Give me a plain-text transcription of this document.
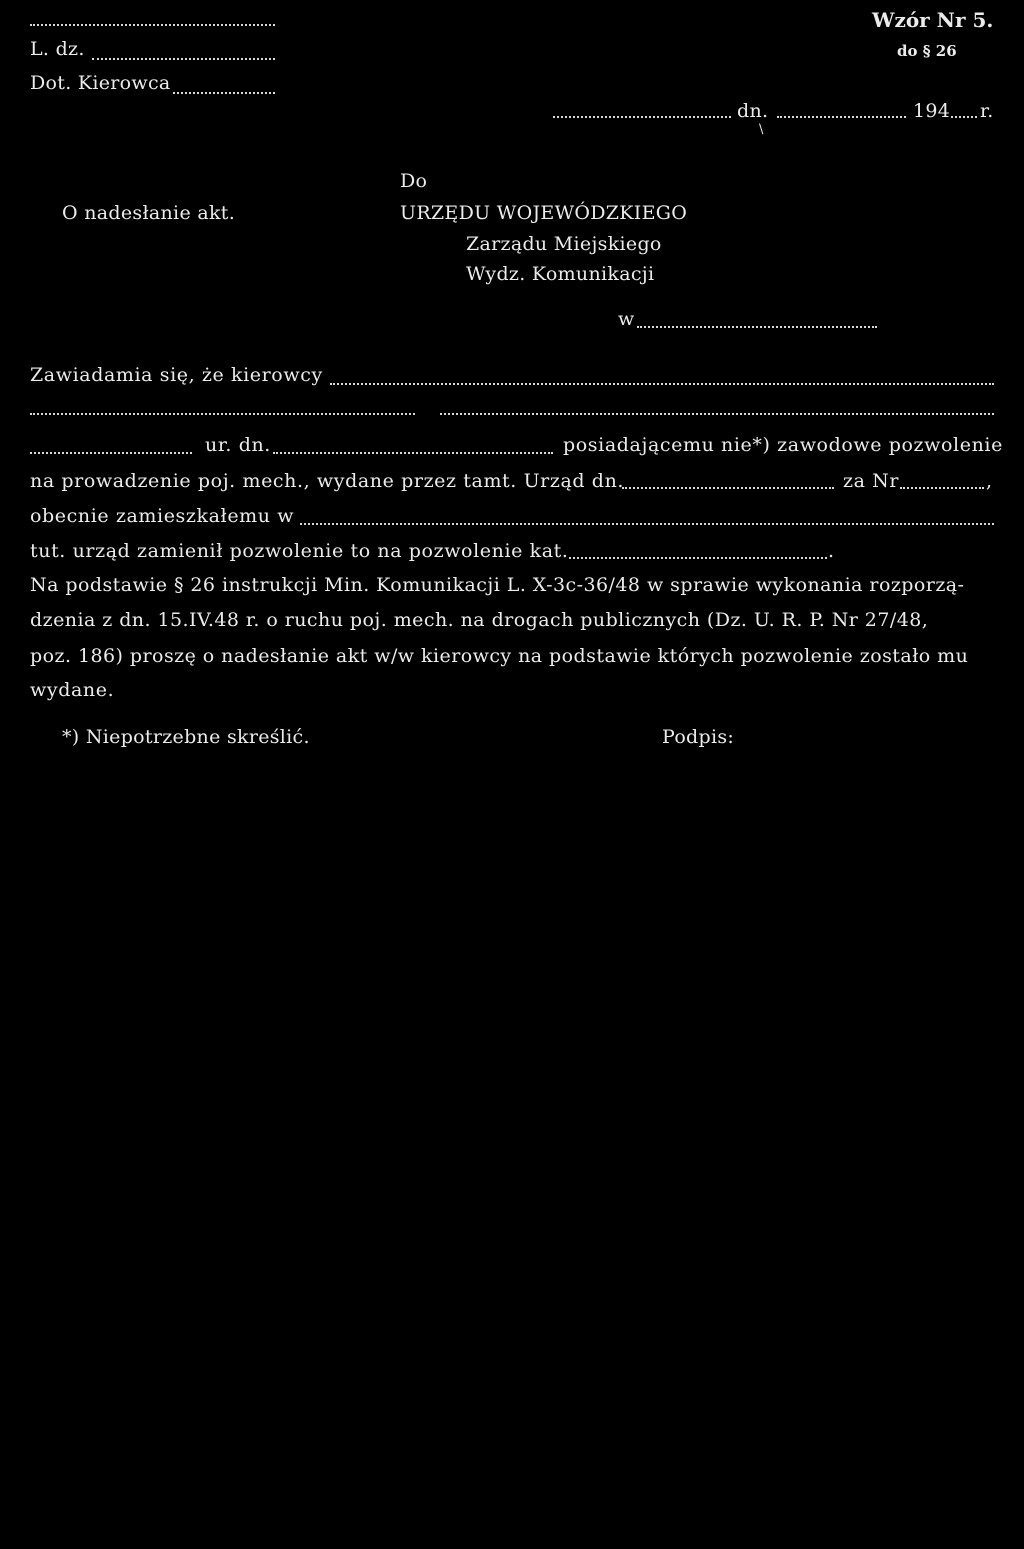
L. dz.
Dot. Kierowca
Wzór Nr 5.
do § 26
dn.	194 r.
\
O nadesłanie akt.
Do
URZĘDU WOJEWÓDZKIEGO
Zarządu Miejskiego
Wydz. Komunikacji
w
Zawiadamia się, że kierowcy
ur. dn.	posiadającemu nie*) zawodowe pozwolenie
na prowadzenie poj. mech., wydane przez tamt. Urząd dn.	za Nr	,
obecnie zamieszkałemu w
tut. urząd zamienił pozwolenie to na pozwolenie kat.	.
Na podstawie § 26 instrukcji Min. Komunikacji L. X-3c-36/48 w sprawie wykonania rozporzą-
dzenia z dn. 15.IV.48 r. o ruchu poj. mech. na drogach publicznych (Dz. U. R. P. Nr 27/48,
poz. 186) proszę o nadesłanie akt w/w kierowcy na podstawie których pozwolenie zostało mu
wydane.
*) Niepotrzebne skreślić.	Podpis:
